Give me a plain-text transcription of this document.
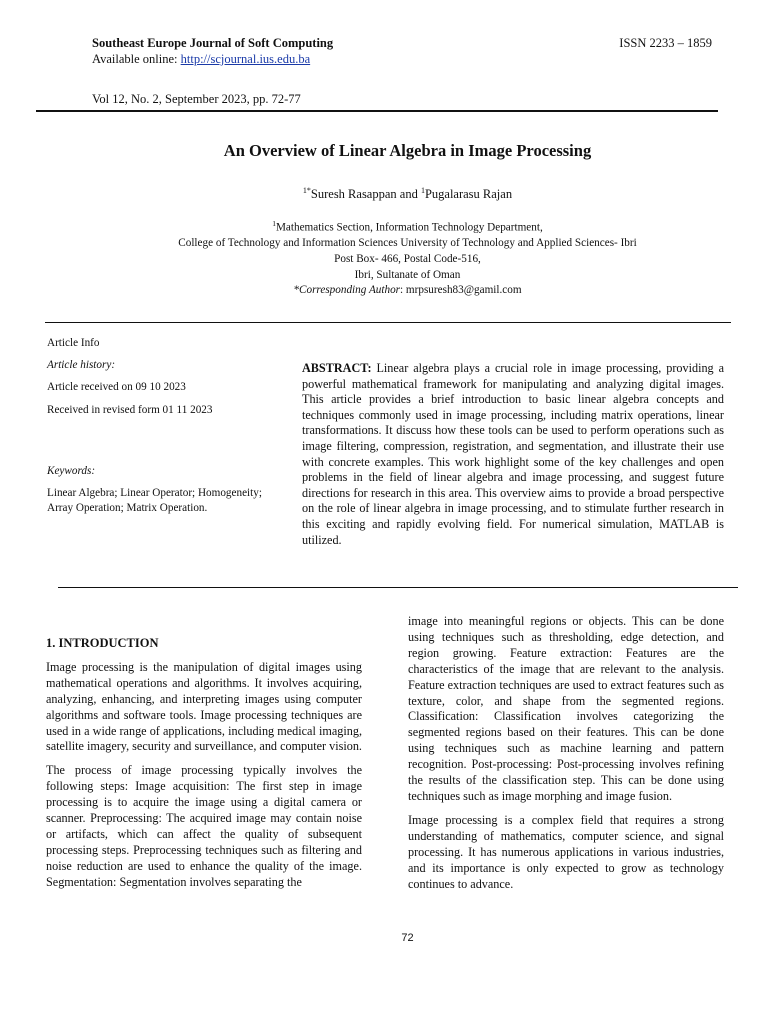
Southeast Europe Journal of Soft Computing
Available online: http://scjournal.ius.edu.ba
ISSN 2233 – 1859
Vol 12, No. 2, September 2023, pp. 72-77
An Overview of Linear Algebra in Image Processing
$^{1*}$Suresh Rasappan and $^1$Pugalarasu Rajan
$^1$Mathematics Section, Information Technology Department,
College of Technology and Information Sciences University of Technology and Applied Sciences- Ibri
Post Box- 466, Postal Code-516,
Ibri, Sultanate of Oman
*Corresponding Author: mrpsuresh83@gamil.com

Article Info

Article history:

Article received on 09 10 2023

Received in revised form 01 11 2023

Keywords:

Linear Algebra; Linear Operator; Homogeneity; Array Operation; Matrix Operation.

ABSTRACT: Linear algebra plays a crucial role in image processing, providing a powerful mathematical framework for manipulating and analyzing digital images. This article provides a brief introduction to basic linear algebra concepts and techniques commonly used in image processing, including matrix operations, linear transformations. It discuss how these tools can be used to perform operations such as image filtering, compression, registration, and segmentation, and illustrate their use with concrete examples. This work highlight some of the key challenges and open problems in the field of linear algebra and image processing, and suggest future directions for research in this area. This overview aims to provide a broad perspective on the role of linear algebra in image processing, and to stimulate further research in this exciting and rapidly evolving field. For numerical simulation, MATLAB is utilized.

1. INTRODUCTION

Image processing is the manipulation of digital images using mathematical operations and algorithms. It involves acquiring, analyzing, enhancing, and interpreting images using computer algorithms and software tools. Image processing techniques are used in a wide range of applications, including medical imaging, satellite imagery, security and surveillance, and computer vision.

The process of image processing typically involves the following steps: Image acquisition: The first step in image processing is to acquire the image using a digital camera or scanner. Preprocessing: The acquired image may contain noise or artifacts, which can affect the quality of subsequent processing steps. Preprocessing techniques such as filtering and noise reduction are used to enhance the quality of the image. Segmentation: Segmentation involves separating the

image into meaningful regions or objects. This can be done using techniques such as thresholding, edge detection, and region growing. Feature extraction: Features are the characteristics of the image that are relevant to the analysis. Feature extraction techniques are used to extract features such as texture, color, and shape from the segmented regions. Classification: Classification involves categorizing the segmented regions based on their features. This can be done using techniques such as machine learning and pattern recognition. Post-processing: Post-processing involves refining the results of the classification step. This can be done using techniques such as image morphing and image fusion.

Image processing is a complex field that requires a strong understanding of mathematics, computer science, and signal processing. It has numerous applications in various industries, and its importance is only expected to grow as technology continues to advance.

72
